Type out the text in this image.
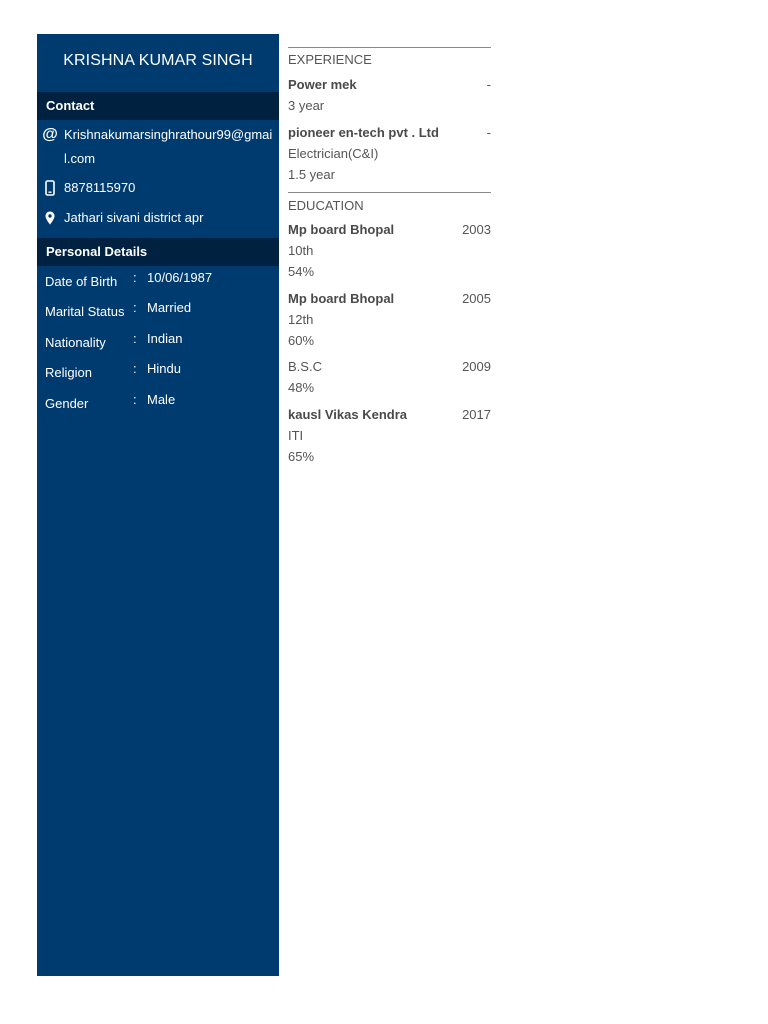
KRISHNA KUMAR SINGH
Contact
@ Krishnakumarsinghrathour99@gmail.com
8878115970
Jathari sivani district apr
Personal Details
Date of Birth : 10/06/1987
Marital Status : Married
Nationality : Indian
Religion	: Hindu
Gender	: Male
EXPERIENCE
Power mek	-
3 year
pioneer en-tech pvt . Ltd	-
Electrician(C&I)
1.5 year
EDUCATION
Mp board Bhopal	2003
10th
54%
Mp board Bhopal	2005
12th
60%
B.S.C	2009
48%
kausl Vikas Kendra	2017
ITI
65%
